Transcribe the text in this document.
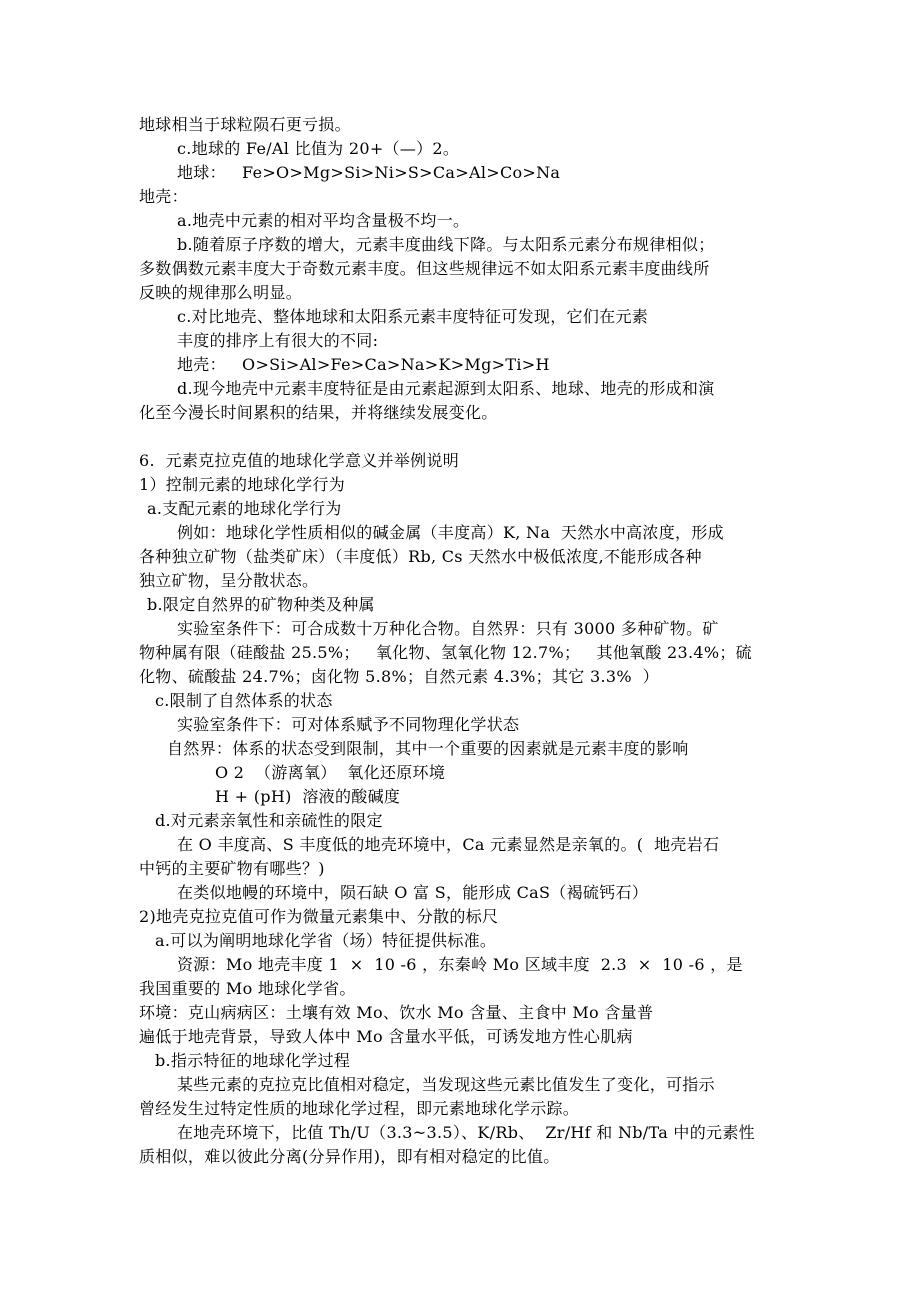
地球相当于球粒陨石更亏损。
c.地球的 Fe/Al 比值为 20+（—）2。
地球：   Fe>O>Mg>Si>Ni>S>Ca>Al>Co>Na
地壳：
a.地壳中元素的相对平均含量极不均一。
b.随着原子序数的增大，元素丰度曲线下降。与太阳系元素分布规律相似；
多数偶数元素丰度大于奇数元素丰度。但这些规律远不如太阳系元素丰度曲线所
反映的规律那么明显。
c.对比地壳、整体地球和太阳系元素丰度特征可发现，它们在元素
丰度的排序上有很大的不同:
地壳：   O>Si>Al>Fe>Ca>Na>K>Mg>Ti>H
d.现今地壳中元素丰度特征是由元素起源到太阳系、地球、地壳的形成和演
化至今漫长时间累积的结果，并将继续发展变化。
6.  元素克拉克值的地球化学意义并举例说明
1）控制元素的地球化学行为
a.支配元素的地球化学行为
例如：地球化学性质相似的碱金属（丰度高）K, Na  天然水中高浓度，形成
各种独立矿物（盐类矿床）（丰度低）Rb, Cs 天然水中极低浓度,不能形成各种
独立矿物，呈分散状态。
b.限定自然界的矿物种类及种属
实验室条件下：可合成数十万种化合物。自然界：只有 3000 多种矿物。矿
物种属有限（硅酸盐 25.5%；   氧化物、氢氧化物 12.7%；   其他氧酸 23.4%；硫
化物、硫酸盐 24.7%；卤化物 5.8%；自然元素 4.3%；其它 3.3%  ）
c.限制了自然体系的状态
实验室条件下：可对体系赋予不同物理化学状态
自然界：体系的状态受到限制，其中一个重要的因素就是元素丰度的影响
O 2  （游离氧）  氧化还原环境
H + (pH)  溶液的酸碱度
d.对元素亲氧性和亲硫性的限定
在 O 丰度高、S 丰度低的地壳环境中，Ca 元素显然是亲氧的。(  地壳岩石
中钙的主要矿物有哪些？)
在类似地幔的环境中，陨石缺 O 富 S，能形成 CaS（褐硫钙石）
2)地壳克拉克值可作为微量元素集中、分散的标尺
a.可以为阐明地球化学省（场）特征提供标准。
资源：Mo 地壳丰度 1  ×  10 -6 ，东秦岭 Mo 区域丰度  2.3  ×  10 -6 ，是
我国重要的 Mo 地球化学省。
环境：克山病病区：土壤有效 Mo、饮水 Mo 含量、主食中 Mo 含量普
遍低于地壳背景，导致人体中 Mo 含量水平低，可诱发地方性心肌病
b.指示特征的地球化学过程
某些元素的克拉克比值相对稳定，当发现这些元素比值发生了变化，可指示
曾经发生过特定性质的地球化学过程，即元素地球化学示踪。
在地壳环境下，比值 Th/U（3.3~3.5）、K/Rb、  Zr/Hf 和 Nb/Ta 中的元素性
质相似，难以彼此分离(分异作用)，即有相对稳定的比值。
